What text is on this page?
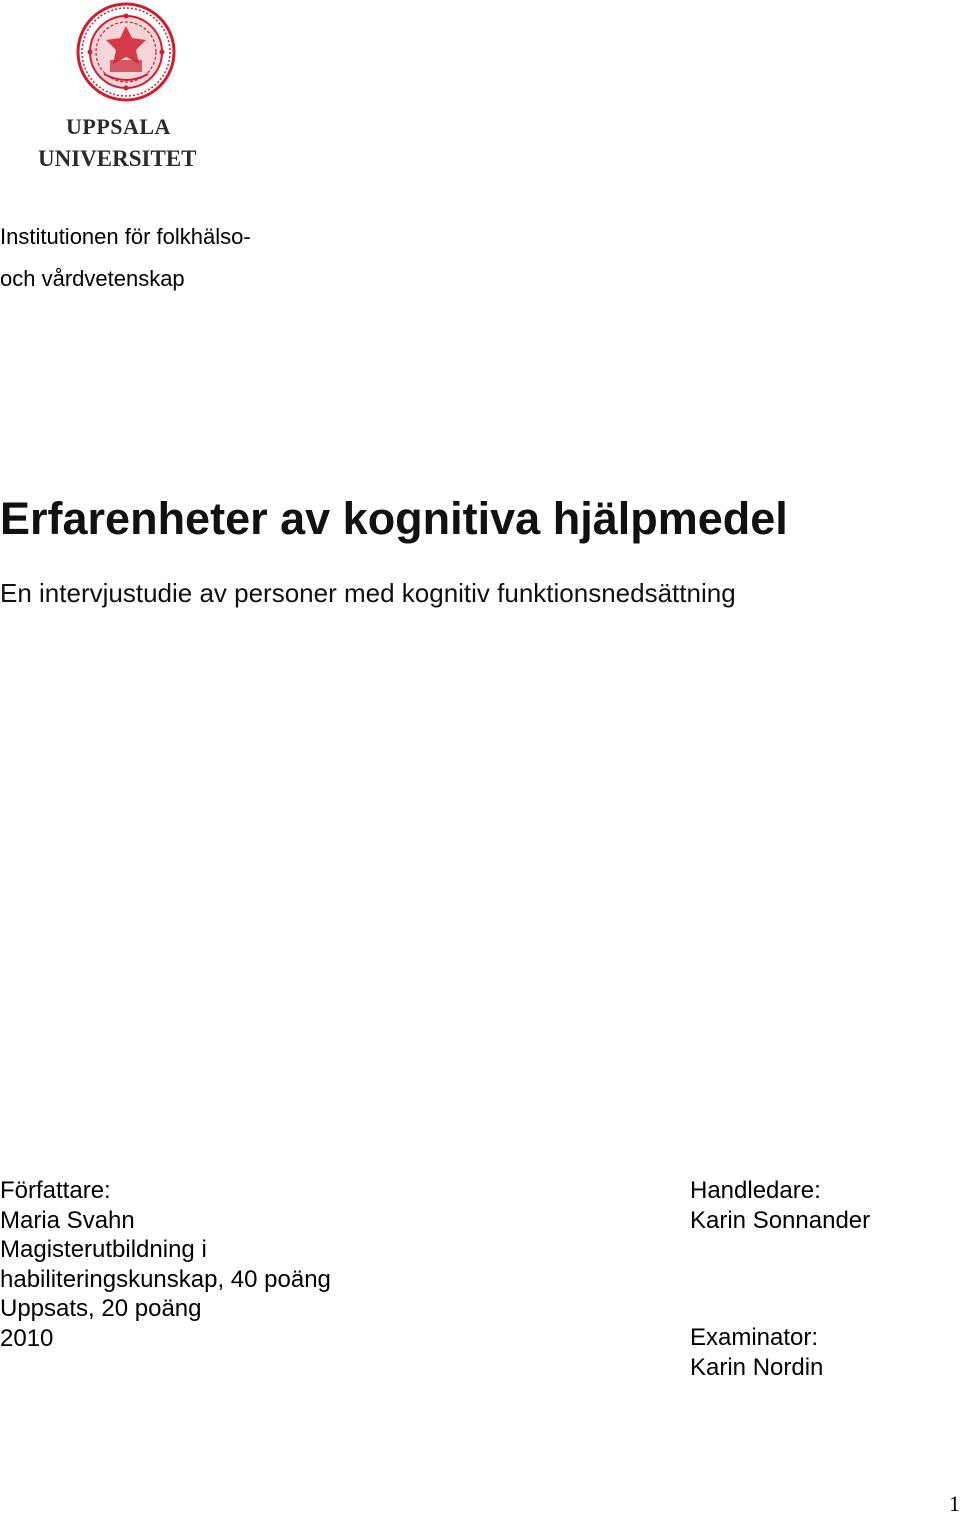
UPPSALA
UNIVERSITET
Institutionen för folkhälso-
och vårdvetenskap
Erfarenheter av kognitiva hjälpmedel
En intervjustudie av personer med kognitiv funktionsnedsättning
Författare:
Maria Svahn
Magisterutbildning i
habiliteringskunskap, 40 poäng
Uppsats, 20 poäng
2010
Handledare:
Karin Sonnander
Examinator:
Karin Nordin
1
